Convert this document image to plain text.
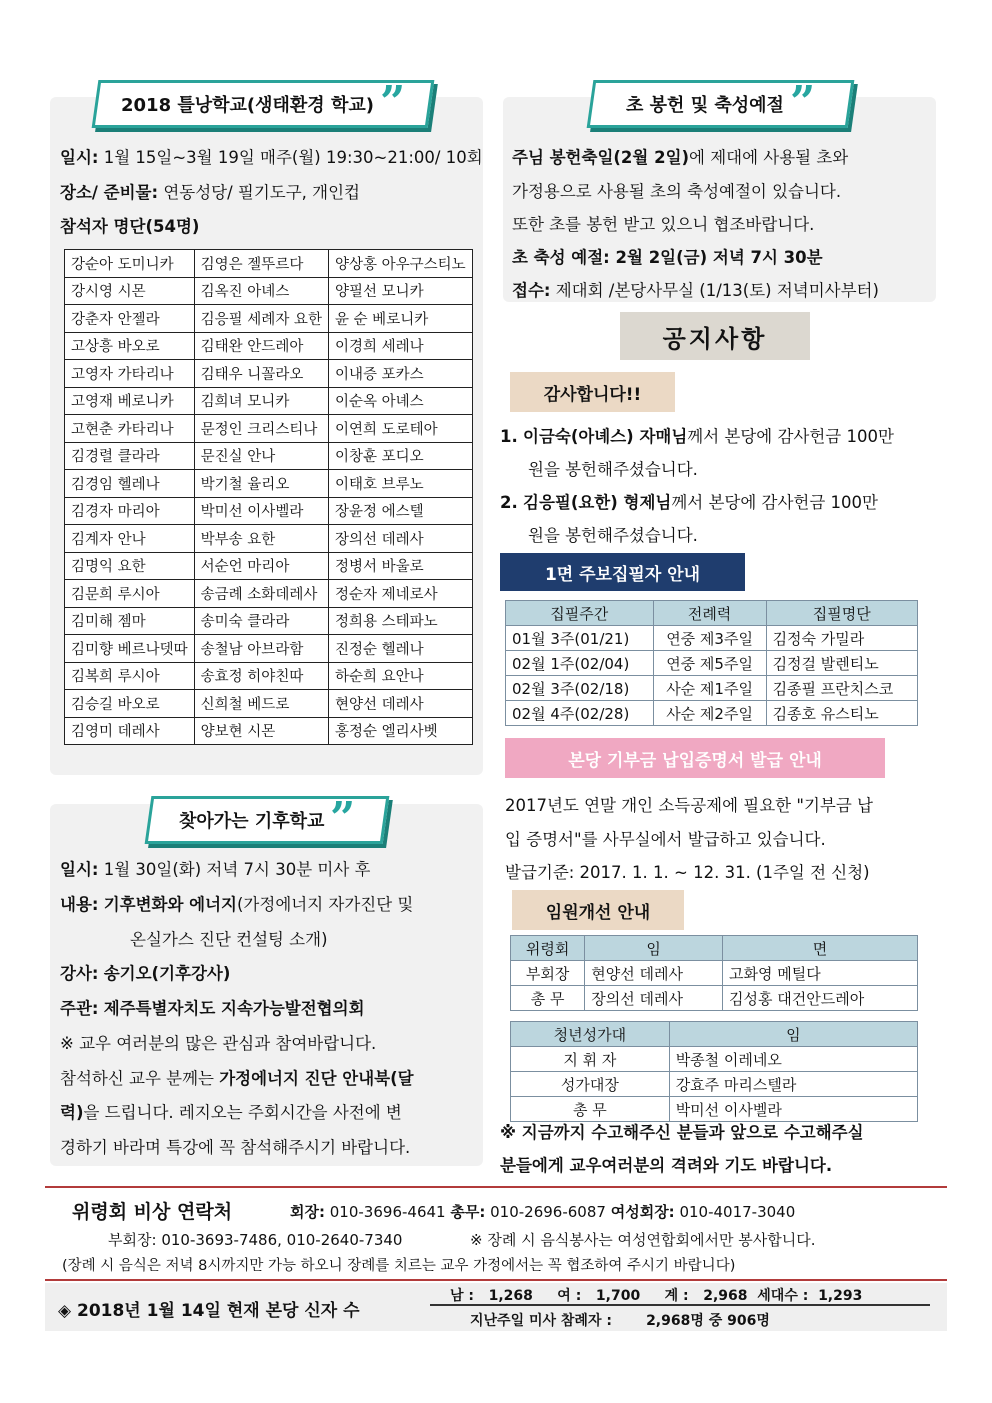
2018 틀낭학교(생태환경 학교) ”
일시: 1월 15일~3월 19일 매주(월) 19:30~21:00/ 10회
장소/ 준비물: 연동성당/ 필기도구, 개인컵
참석자 명단(54명)
강순아 도미니카	김영은 젤뚜르다	양상홍 아우구스티노
강시영 시몬	김옥진 아녜스	양필선 모니카
강춘자 안젤라	김응필 세례자 요한	윤 순 베로니카
고상흥 바오로	김태완 안드레아	이경희 세레나
고영자 가타리나	김태우 니꼴라오	이내증 포카스
고영재 베로니카	김희녀 모니카	이순옥 아녜스
고현춘 카타리나	문정인 크리스티나	이연희 도로테아
김경렬 클라라	문진실 안나	이창훈 포디오
김경임 헬레나	박기철 율리오	이태호 브루노
김경자 마리아	박미선 이사벨라	장윤정 에스텔
김계자 안나	박부송 요한	장의선 데레사
김명익 요한	서순언 마리아	정병서 바울로
김문희 루시아	송금례 소화데레사	정순자 제네로사
김미해 젬마	송미숙 클라라	정희용 스테파노
김미향 베르나뎃따	송철남 아브라함	진정순 헬레나
김복희 루시아	송효정 히야친따	하순희 요안나
김승길 바오로	신희철 베드로	현양선 데레사
김영미 데레사	양보현 시몬	홍정순 엘리사벳
찾아가는 기후학교 ”
일시: 1월 30일(화) 저녁 7시 30분 미사 후
내용: 기후변화와 에너지(가정에너지 자가진단 및
온실가스 진단 컨설팅 소개)
강사: 송기오(기후강사)
주관: 제주특별자치도 지속가능발전협의회
※ 교우 여러분의 많은 관심과 참여바랍니다.
참석하신 교우 분께는 가정에너지 진단 안내북(달
력)을 드립니다. 레지오는 주회시간을 사전에 변
경하기 바라며 특강에 꼭 참석해주시기 바랍니다.
초 봉헌 및 축성예절 ”
주님 봉헌축일(2월 2일)에 제대에 사용될 초와
가정용으로 사용될 초의 축성예절이 있습니다.
또한 초를 봉헌 받고 있으니 협조바랍니다.
초 축성 예절: 2월 2일(금) 저녁 7시 30분
접수: 제대회 /본당사무실 (1/13(토) 저녁미사부터)
공지사항
감사합니다!!
1. 이금숙(아녜스) 자매님께서 본당에 감사헌금 100만
원을 봉헌해주셨습니다.
2. 김응필(요한) 형제님께서 본당에 감사헌금 100만
원을 봉헌해주셨습니다.
1면 주보집필자 안내
집필주간	전례력	집필명단
01월 3주(01/21)	연중 제3주일	김정숙 가밀라
02월 1주(02/04)	연중 제5주일	김정걸 발렌티노
02월 3주(02/18)	사순 제1주일	김종필 프란치스코
02월 4주(02/28)	사순 제2주일	김종호 유스티노
본당 기부금 납입증명서 발급 안내
2017년도 연말 개인 소득공제에 필요한 "기부금 납
입 증명서"를 사무실에서 발급하고 있습니다.
발급기준: 2017. 1. 1. ~ 12. 31. (1주일 전 신청)
임원개선 안내
위령회	임	면
부회장	현양선 데레사	고화영 메틸다
총 무	장의선 데레사	김성홍 대건안드레아
청년성가대	임
지 휘 자	박종철 이레네오
성가대장	강효주 마리스텔라
총 무	박미선 이사벨라
※ 지금까지 수고해주신 분들과 앞으로 수고해주실
분들에게 교우여러분의 격려와 기도 바랍니다.
위령회 비상 연락처	회장: 010-3696-4641 총무: 010-2696-6087 여성회장: 010-4017-3040
부회장: 010-3693-7486, 010-2640-7340	※ 장례 시 음식봉사는 여성연합회에서만 봉사합니다.
(장례 시 음식은 저녁 8시까지만 가능 하오니 장례를 치르는 교우 가정에서는 꼭 협조하여 주시기 바랍니다)
◈ 2018년 1월 14일 현재 본당 신자 수
남 : 1,268 여 : 1,700 계 : 2,968 세대수 : 1,293
지난주일 미사 참례자 : 2,968명 중 906명
